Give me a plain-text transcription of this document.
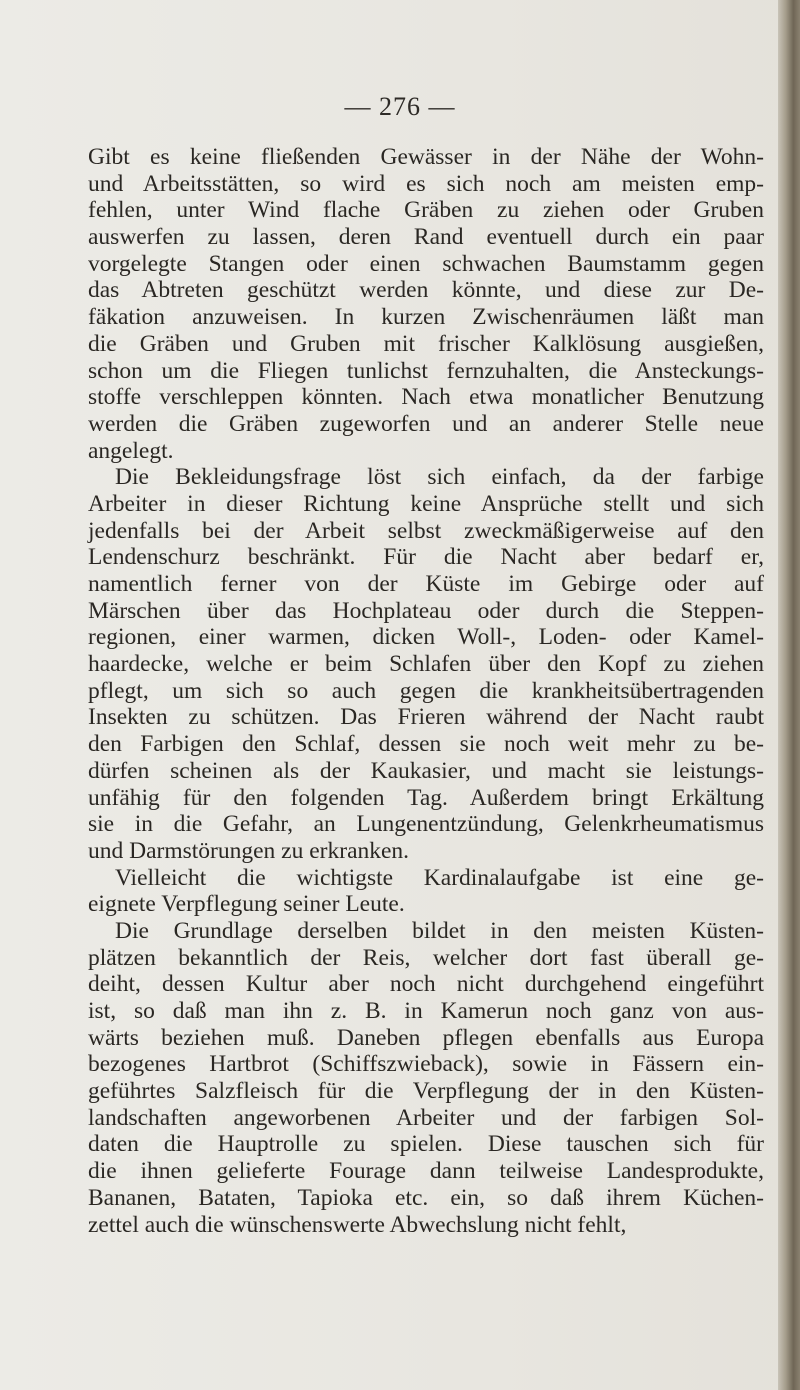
— 276 —
Gibt es keine fließenden Gewässer in der Nähe der Wohn-
und Arbeitsstätten, so wird es sich noch am meisten emp-
fehlen, unter Wind flache Gräben zu ziehen oder Gruben
auswerfen zu lassen, deren Rand eventuell durch ein paar
vorgelegte Stangen oder einen schwachen Baumstamm gegen
das Abtreten geschützt werden könnte, und diese zur De-
fäkation anzuweisen. In kurzen Zwischenräumen läßt man
die Gräben und Gruben mit frischer Kalklösung ausgießen,
schon um die Fliegen tunlichst fernzuhalten, die Ansteckungs-
stoffe verschleppen könnten. Nach etwa monatlicher Benutzung
werden die Gräben zugeworfen und an anderer Stelle neue
angelegt.
Die Bekleidungsfrage löst sich einfach, da der farbige
Arbeiter in dieser Richtung keine Ansprüche stellt und sich
jedenfalls bei der Arbeit selbst zweckmäßigerweise auf den
Lendenschurz beschränkt. Für die Nacht aber bedarf er,
namentlich ferner von der Küste im Gebirge oder auf
Märschen über das Hochplateau oder durch die Steppen-
regionen, einer warmen, dicken Woll-, Loden- oder Kamel-
haardecke, welche er beim Schlafen über den Kopf zu ziehen
pflegt, um sich so auch gegen die krankheitsübertragenden
Insekten zu schützen. Das Frieren während der Nacht raubt
den Farbigen den Schlaf, dessen sie noch weit mehr zu be-
dürfen scheinen als der Kaukasier, und macht sie leistungs-
unfähig für den folgenden Tag. Außerdem bringt Erkältung
sie in die Gefahr, an Lungenentzündung, Gelenkrheumatismus
und Darmstörungen zu erkranken.
Vielleicht die wichtigste Kardinalaufgabe ist eine ge-
eignete Verpflegung seiner Leute.
Die Grundlage derselben bildet in den meisten Küsten-
plätzen bekanntlich der Reis, welcher dort fast überall ge-
deiht, dessen Kultur aber noch nicht durchgehend eingeführt
ist, so daß man ihn z. B. in Kamerun noch ganz von aus-
wärts beziehen muß. Daneben pflegen ebenfalls aus Europa
bezogenes Hartbrot (Schiffszwieback), sowie in Fässern ein-
geführtes Salzfleisch für die Verpflegung der in den Küsten-
landschaften angeworbenen Arbeiter und der farbigen Sol-
daten die Hauptrolle zu spielen. Diese tauschen sich für
die ihnen gelieferte Fourage dann teilweise Landesprodukte,
Bananen, Bataten, Tapioka etc. ein, so daß ihrem Küchen-
zettel auch die wünschenswerte Abwechslung nicht fehlt,
